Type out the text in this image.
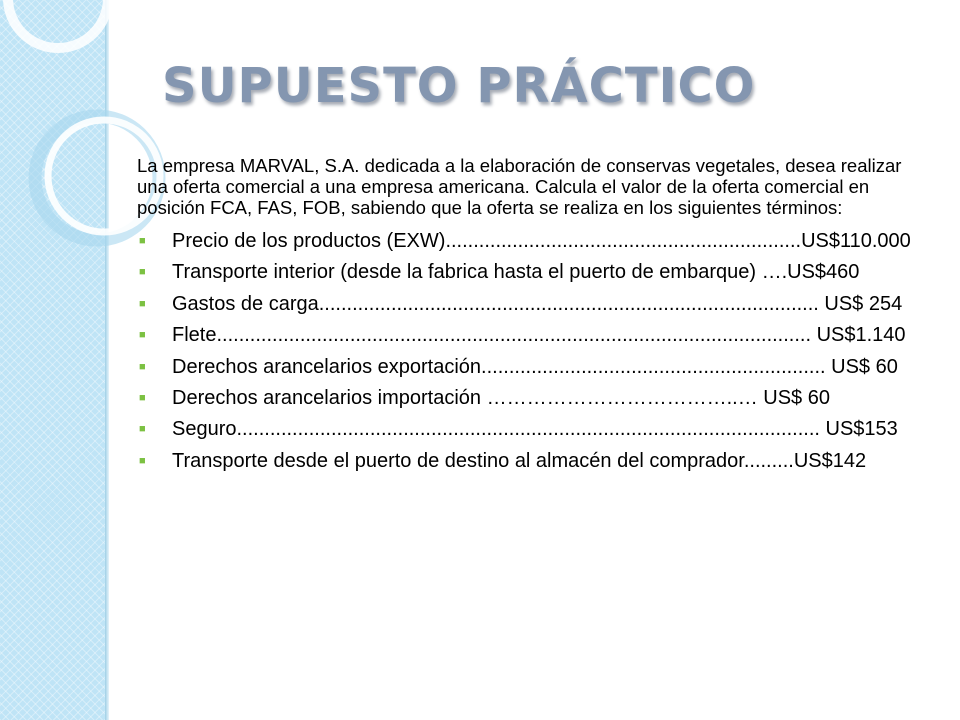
SUPUESTO PRÁCTICO

La empresa MARVAL, S.A. dedicada a la elaboración de conservas vegetales, desea realizar una oferta comercial a una empresa americana. Calcula el valor de la oferta comercial en posición FCA, FAS, FOB, sabiendo que la oferta se realiza en los siguientes términos:

■ Precio de los productos (EXW)................................................................US$110.000
■ Transporte interior (desde la fabrica hasta el puerto de embarque) ….US$460
■ Gastos de carga.......................................................................................... US$ 254
■ Flete........................................................................................................... US$1.140
■ Derechos arancelarios exportación.............................................................. US$ 60
■ Derechos arancelarios importación ………………………………..… US$ 60
■ Seguro......................................................................................................... US$153
■ Transporte desde el puerto de destino al almacén del comprador.........US$142
